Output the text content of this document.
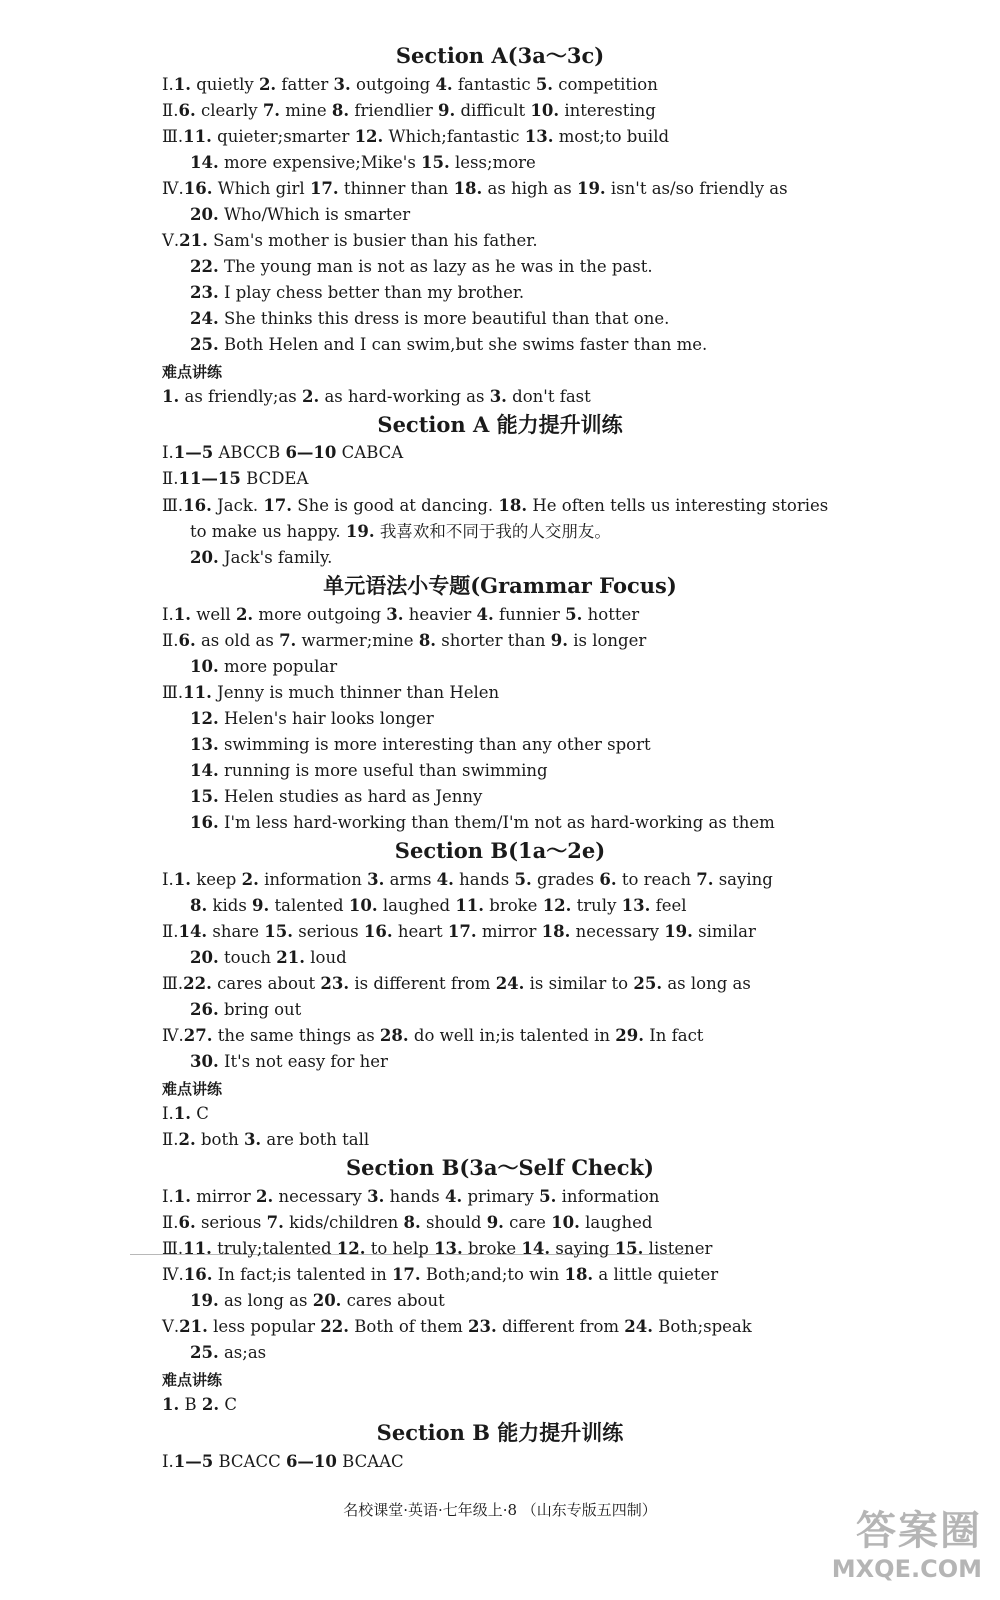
Section A(3a～3c)
Ⅰ.1. quietly 2. fatter 3. outgoing 4. fantastic 5. competition
Ⅱ.6. clearly 7. mine 8. friendlier 9. difficult 10. interesting
Ⅲ.11. quieter;smarter 12. Which;fantastic 13. most;to build
14. more expensive;Mike's 15. less;more
Ⅳ.16. Which girl 17. thinner than 18. as high as 19. isn't as/so friendly as
20. Who/Which is smarter
Ⅴ.21. Sam's mother is busier than his father.
22. The young man is not as lazy as he was in the past.
23. I play chess better than my brother.
24. She thinks this dress is more beautiful than that one.
25. Both Helen and I can swim,but she swims faster than me.
难点讲练
1. as friendly;as 2. as hard-working as 3. don't fast
Section A 能力提升训练
Ⅰ.1—5 ABCCB 6—10 CABCA
Ⅱ.11—15 BCDEA
Ⅲ.16. Jack. 17. She is good at dancing. 18. He often tells us interesting stories
to make us happy. 19. 我喜欢和不同于我的人交朋友。
20. Jack's family.
单元语法小专题(Grammar Focus)
Ⅰ.1. well 2. more outgoing 3. heavier 4. funnier 5. hotter
Ⅱ.6. as old as 7. warmer;mine 8. shorter than 9. is longer
10. more popular
Ⅲ.11. Jenny is much thinner than Helen
12. Helen's hair looks longer
13. swimming is more interesting than any other sport
14. running is more useful than swimming
15. Helen studies as hard as Jenny
16. I'm less hard-working than them/I'm not as hard-working as them
Section B(1a～2e)
Ⅰ.1. keep 2. information 3. arms 4. hands 5. grades 6. to reach 7. saying
8. kids 9. talented 10. laughed 11. broke 12. truly 13. feel
Ⅱ.14. share 15. serious 16. heart 17. mirror 18. necessary 19. similar
20. touch 21. loud
Ⅲ.22. cares about 23. is different from 24. is similar to 25. as long as
26. bring out
Ⅳ.27. the same things as 28. do well in;is talented in 29. In fact
30. It's not easy for her
难点讲练
Ⅰ.1. C
Ⅱ.2. both 3. are both tall
Section B(3a～Self Check)
Ⅰ.1. mirror 2. necessary 3. hands 4. primary 5. information
Ⅱ.6. serious 7. kids/children 8. should 9. care 10. laughed
Ⅲ.11. truly;talented 12. to help 13. broke 14. saying 15. listener
Ⅳ.16. In fact;is talented in 17. Both;and;to win 18. a little quieter
19. as long as 20. cares about
Ⅴ.21. less popular 22. Both of them 23. different from 24. Both;speak
25. as;as
难点讲练
1. B 2. C
Section B 能力提升训练
Ⅰ.1—5 BCACC 6—10 BCAAC
名校课堂·英语·七年级上·8 （山东专版五四制）	答案圈
MXQE.COM
